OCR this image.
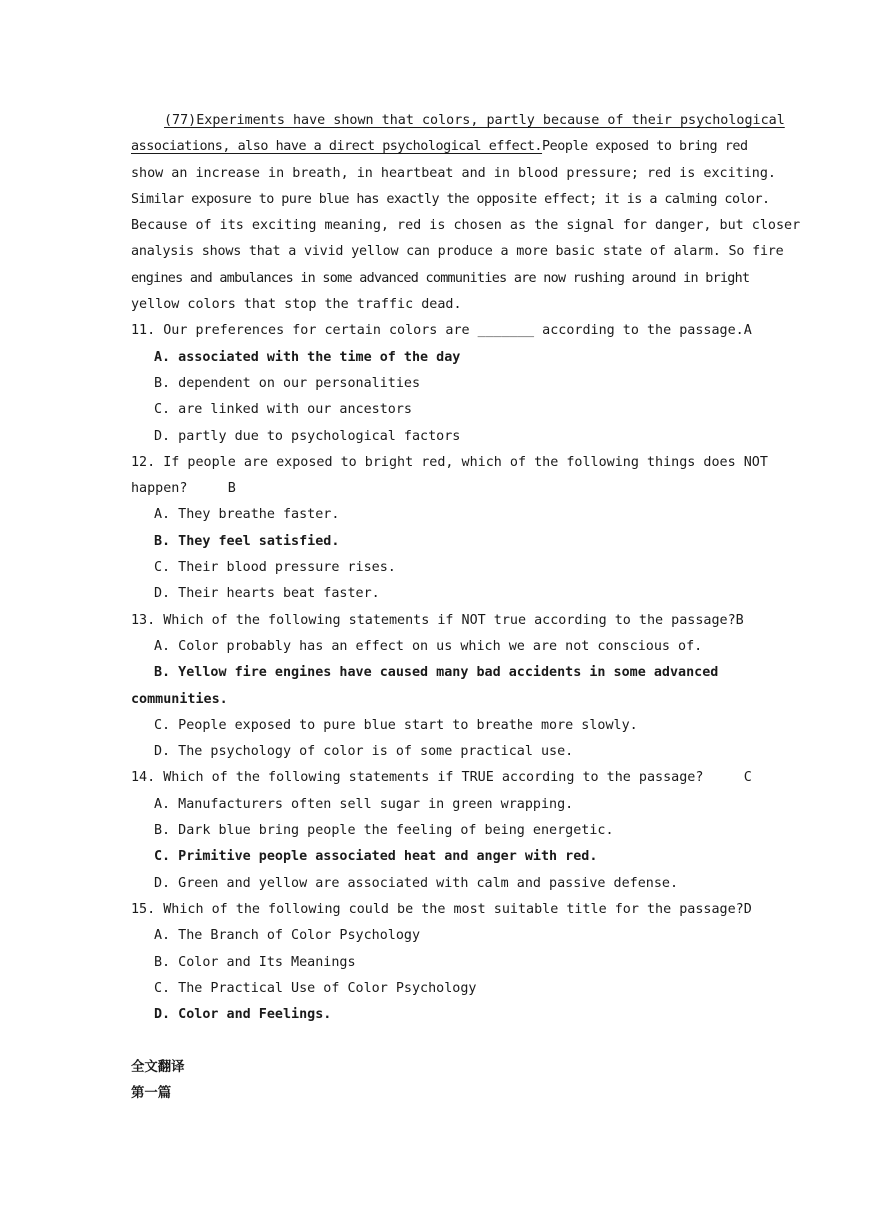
(77)Experiments have shown that colors, partly because of their psychological
associations, also have a direct psychological effect.People exposed to bring red
show an increase in breath, in heartbeat and in blood pressure; red is exciting.
Similar exposure to pure blue has exactly the opposite effect; it is a calming color.
Because of its exciting meaning, red is chosen as the signal for danger, but closer
analysis shows that a vivid yellow can produce a more basic state of alarm. So fire
engines and ambulances in some advanced communities are now rushing around in bright
yellow colors that stop the traffic dead.
11. Our preferences for certain colors are _______ according to the passage. A
A. associated with the time of the day
B. dependent on our personalities
C. are linked with our ancestors
D. partly due to psychological factors
12. If people are exposed to bright red, which of the following things does NOT
happen?	B
A. They breathe faster.
B. They feel satisfied.
C. Their blood pressure rises.
D. Their hearts beat faster.
13. Which of the following statements if NOT true according to the passage? B
A. Color probably has an effect on us which we are not conscious of.
B. Yellow fire engines have caused many bad accidents in some advanced
communities.
C. People exposed to pure blue start to breathe more slowly.
D. The psychology of color is of some practical use.
14. Which of the following statements if TRUE according to the passage?	C
A. Manufacturers often sell sugar in green wrapping.
B. Dark blue bring people the feeling of being energetic.
C. Primitive people associated heat and anger with red.
D. Green and yellow are associated with calm and passive defense.
15. Which of the following could be the most suitable title for the passage? D
A. The Branch of Color Psychology
B. Color and Its Meanings
C. The Practical Use of Color Psychology
D. Color and Feelings.
全文翻译
第一篇
